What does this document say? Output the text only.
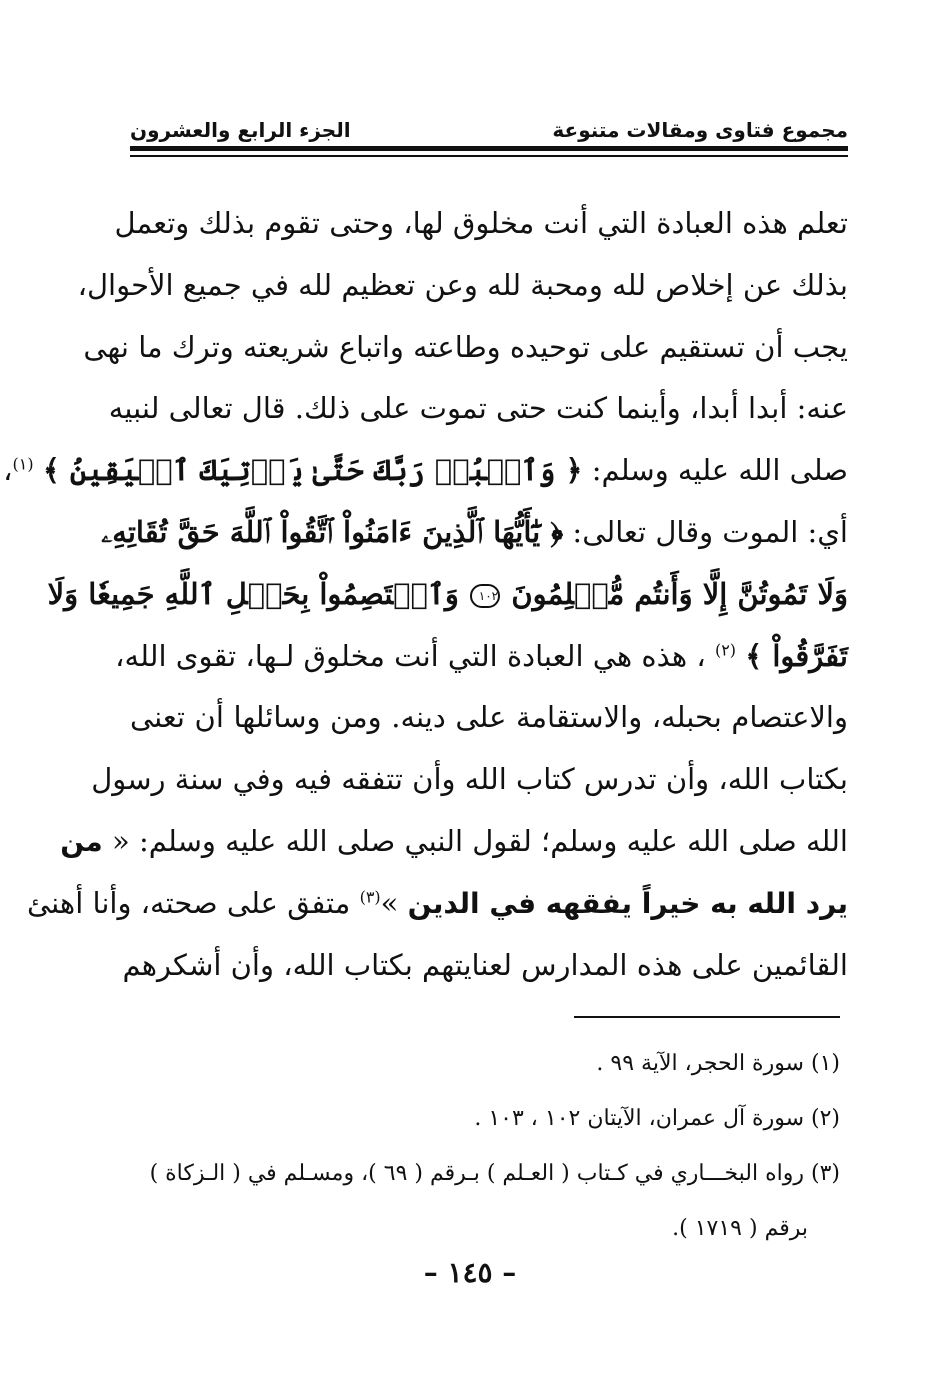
مجموع فتاوى ومقالات متنوعة
الجزء الرابع والعشرون
تعلم هذه العبادة التي أنت مخلوق لها، وحتى تقوم بذلك وتعمل
بذلك عن إخلاص لله ومحبة لله وعن تعظيم لله في جميع الأحوال،
يجب أن تستقيم على توحيده وطاعته واتباع شريعته وترك ما نهى
عنه: أبدا أبدا، وأينما كنت حتى تموت على ذلك. قال تعالى لنبيه
صلى الله عليه وسلم: ﴿ وَٱعۡبُدۡ رَبَّكَ حَتَّىٰ يَأۡتِيَكَ ٱلۡيَقِينُ ﴾ $^{(١)}$،
أي: الموت وقال تعالى: ﴿ يَٰٓأَيُّهَا ٱلَّذِينَ ءَامَنُواْ ٱتَّقُواْ ٱللَّهَ حَقَّ تُقَاتِهِۦ
وَلَا تَمُوتُنَّ إِلَّا وَأَنتُم مُّسۡلِمُونَ ١٠٢ وَٱعۡتَصِمُواْ بِحَبۡلِ ٱللَّهِ جَمِيعٗا وَلَا
تَفَرَّقُواْ ﴾ $^{(٢)}$ ، هذه هي العبادة التي أنت مخلوق لـها، تقوى الله،
والاعتصام بحبله، والاستقامة على دينه. ومن وسائلها أن تعنى
بكتاب الله، وأن تدرس كتاب الله وأن تتفقه فيه وفي سنة رسول
الله صلى الله عليه وسلم؛ لقول النبي صلى الله عليه وسلم: « من
يرد الله به خيراً يفقهه في الدين »$^{(٣)}$ متفق على صحته، وأنا أهنئ
القائمين على هذه المدارس لعنايتهم بكتاب الله، وأن أشكرهم
(١) سورة الحجر، الآية ٩٩ .
(٢) سورة آل عمران، الآيتان ١٠٢ ، ١٠٣ .
(٣) رواه البخـــاري في كـتاب ( العـلم ) بـرقم ( ٦٩ )، ومسـلم في ( الـزكاة )
برقم ( ١٧١٩ ).
– ١٤٥ –
